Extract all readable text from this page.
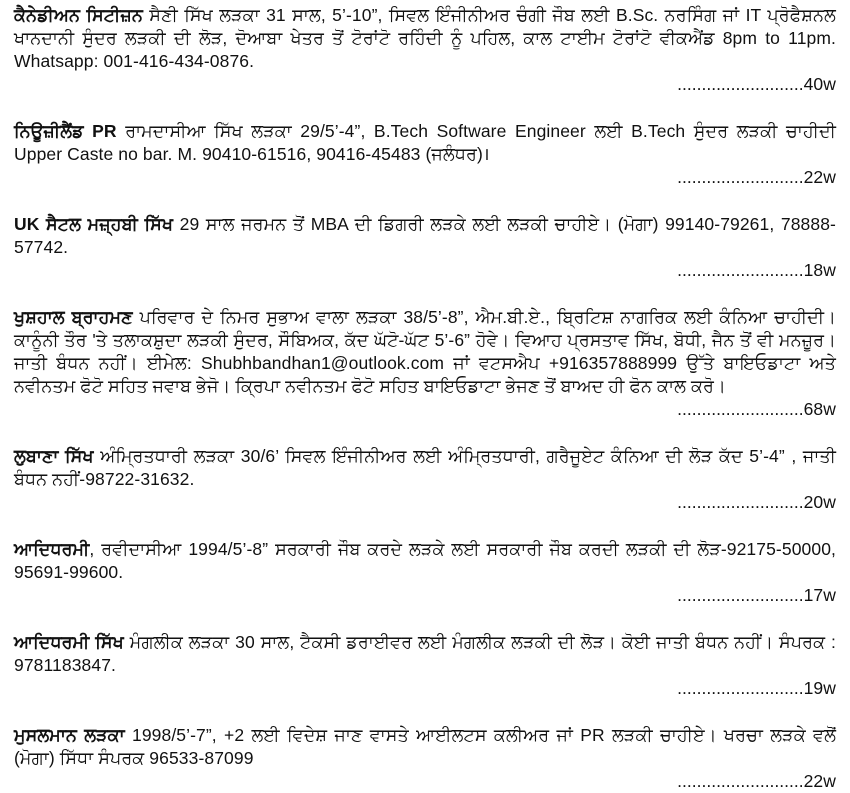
ਕੈਨੇਡੀਅਨ ਸਿਟੀਜ਼ਨ ਸੈਣੀ ਸਿੱਖ ਲੜਕਾ 31 ਸਾਲ, 5’-10”, ਸਿਵਲ ਇੰਜੀਨੀਅਰ ਚੰਗੀ ਜੌਬ ਲਈ B.Sc. ਨਰਸਿੰਗ ਜਾਂ IT ਪ੍ਰੋਫੈਸ਼ਨਲ ਖਾਨਦਾਨੀ ਸੁੰਦਰ ਲੜਕੀ ਦੀ ਲੋੜ, ਦੋਆਬਾ ਖੇਤਰ ਤੋਂ ਟੋਰਾਂਟੋ ਰਹਿੰਦੀ ਨੂੰ ਪਹਿਲ, ਕਾਲ ਟਾਈਮ ਟੋਰਾਂਟੋ ਵੀਕਐਂਡ 8pm to 11pm. Whatsapp: 001-416-434-0876.
.......................... 40w
ਨਿਊਜ਼ੀਲੈਂਡ PR ਰਾਮਦਾਸੀਆ ਸਿੱਖ ਲੜਕਾ 29/5’-4”, B.Tech Software Engineer ਲਈ B.Tech ਸੁੰਦਰ ਲੜਕੀ ਚਾਹੀਦੀ Upper Caste no bar. M. 90410-61516, 90416-45483 (ਜਲੰਧਰ)।
.......................... 22w
UK ਸੈਟਲ ਮਜ਼੍ਹਬੀ ਸਿੱਖ 29 ਸਾਲ ਜਰਮਨ ਤੋਂ MBA ਦੀ ਡਿਗਰੀ ਲੜਕੇ ਲਈ ਲੜਕੀ ਚਾਹੀਏ। (ਮੋਗਾ) 99140-79261, 78888-57742.
.......................... 18w
ਖੁਸ਼ਹਾਲ ਬ੍ਰਾਹਮਣ ਪਰਿਵਾਰ ਦੇ ਨਿਮਰ ਸੁਭਾਅ ਵਾਲਾ ਲੜਕਾ 38/5’-8”, ਐਮ.ਬੀ.ਏ., ਬ੍ਰਿਟਿਸ਼ ਨਾਗਰਿਕ ਲਈ ਕੰਨਿਆ ਚਾਹੀਦੀ। ਕਾਨੂੰਨੀ ਤੌਰ 'ਤੇ ਤਲਾਕਸ਼ੁਦਾ ਲੜਕੀ ਸੁੰਦਰ, ਸੌਬਿਅਕ, ਕੱਦ ਘੱਟੋ-ਘੱਟ 5’-6” ਹੋਵੇ। ਵਿਆਹ ਪ੍ਰਸਤਾਵ ਸਿੱਖ, ਬੋਧੀ, ਜੈਨ ਤੋਂ ਵੀ ਮਨਜ਼ੂਰ। ਜਾਤੀ ਬੰਧਨ ਨਹੀਂ। ਈਮੇਲ: Shubhbandhan1@outlook.com ਜਾਂ ਵਟਸਐਪ +916357888999 ਉੱਤੇ ਬਾਇਓਡਾਟਾ ਅਤੇ ਨਵੀਨਤਮ ਫੋਟੋ ਸਹਿਤ ਜਵਾਬ ਭੇਜੋ। ਕ੍ਰਿਪਾ ਨਵੀਨਤਮ ਫੋਟੋ ਸਹਿਤ ਬਾਇਓਡਾਟਾ ਭੇਜਣ ਤੋਂ ਬਾਅਦ ਹੀ ਫੋਨ ਕਾਲ ਕਰੋ।
.......................... 68w
ਲੁਬਾਣਾ ਸਿੱਖ ਅੰਮ੍ਰਿਤਧਾਰੀ ਲੜਕਾ 30/6’ ਸਿਵਲ ਇੰਜੀਨੀਅਰ ਲਈ ਅੰਮ੍ਰਿਤਧਾਰੀ, ਗਰੈਜੂਏਟ ਕੰਨਿਆ ਦੀ ਲੋੜ ਕੱਦ 5’-4” , ਜਾਤੀ ਬੰਧਨ ਨਹੀਂ-98722-31632.
.......................... 20w
ਆਦਿਧਰਮੀ, ਰਵੀਦਾਸੀਆ 1994/5’-8” ਸਰਕਾਰੀ ਜੌਬ ਕਰਦੇ ਲੜਕੇ ਲਈ ਸਰਕਾਰੀ ਜੌਬ ਕਰਦੀ ਲੜਕੀ ਦੀ ਲੋੜ-92175-50000, 95691-99600.
.......................... 17w
ਆਦਿਧਰਮੀ ਸਿੱਖ ਮੰਗਲੀਕ ਲੜਕਾ 30 ਸਾਲ, ਟੈਕਸੀ ਡਰਾਈਵਰ ਲਈ ਮੰਗਲੀਕ ਲੜਕੀ ਦੀ ਲੋੜ। ਕੋਈ ਜਾਤੀ ਬੰਧਨ ਨਹੀਂ। ਸੰਪਰਕ : 9781183847.
.......................... 19w
ਮੁਸਲਮਾਨ ਲੜਕਾ 1998/5’-7”, +2 ਲਈ ਵਿਦੇਸ਼ ਜਾਣ ਵਾਸਤੇ ਆਈਲਟਸ ਕਲੀਅਰ ਜਾਂ PR ਲੜਕੀ ਚਾਹੀਏ। ਖਰਚਾ ਲੜਕੇ ਵਲੋਂ (ਮੋਗਾ) ਸਿੱਧਾ ਸੰਪਰਕ 96533-87099
.......................... 22w
